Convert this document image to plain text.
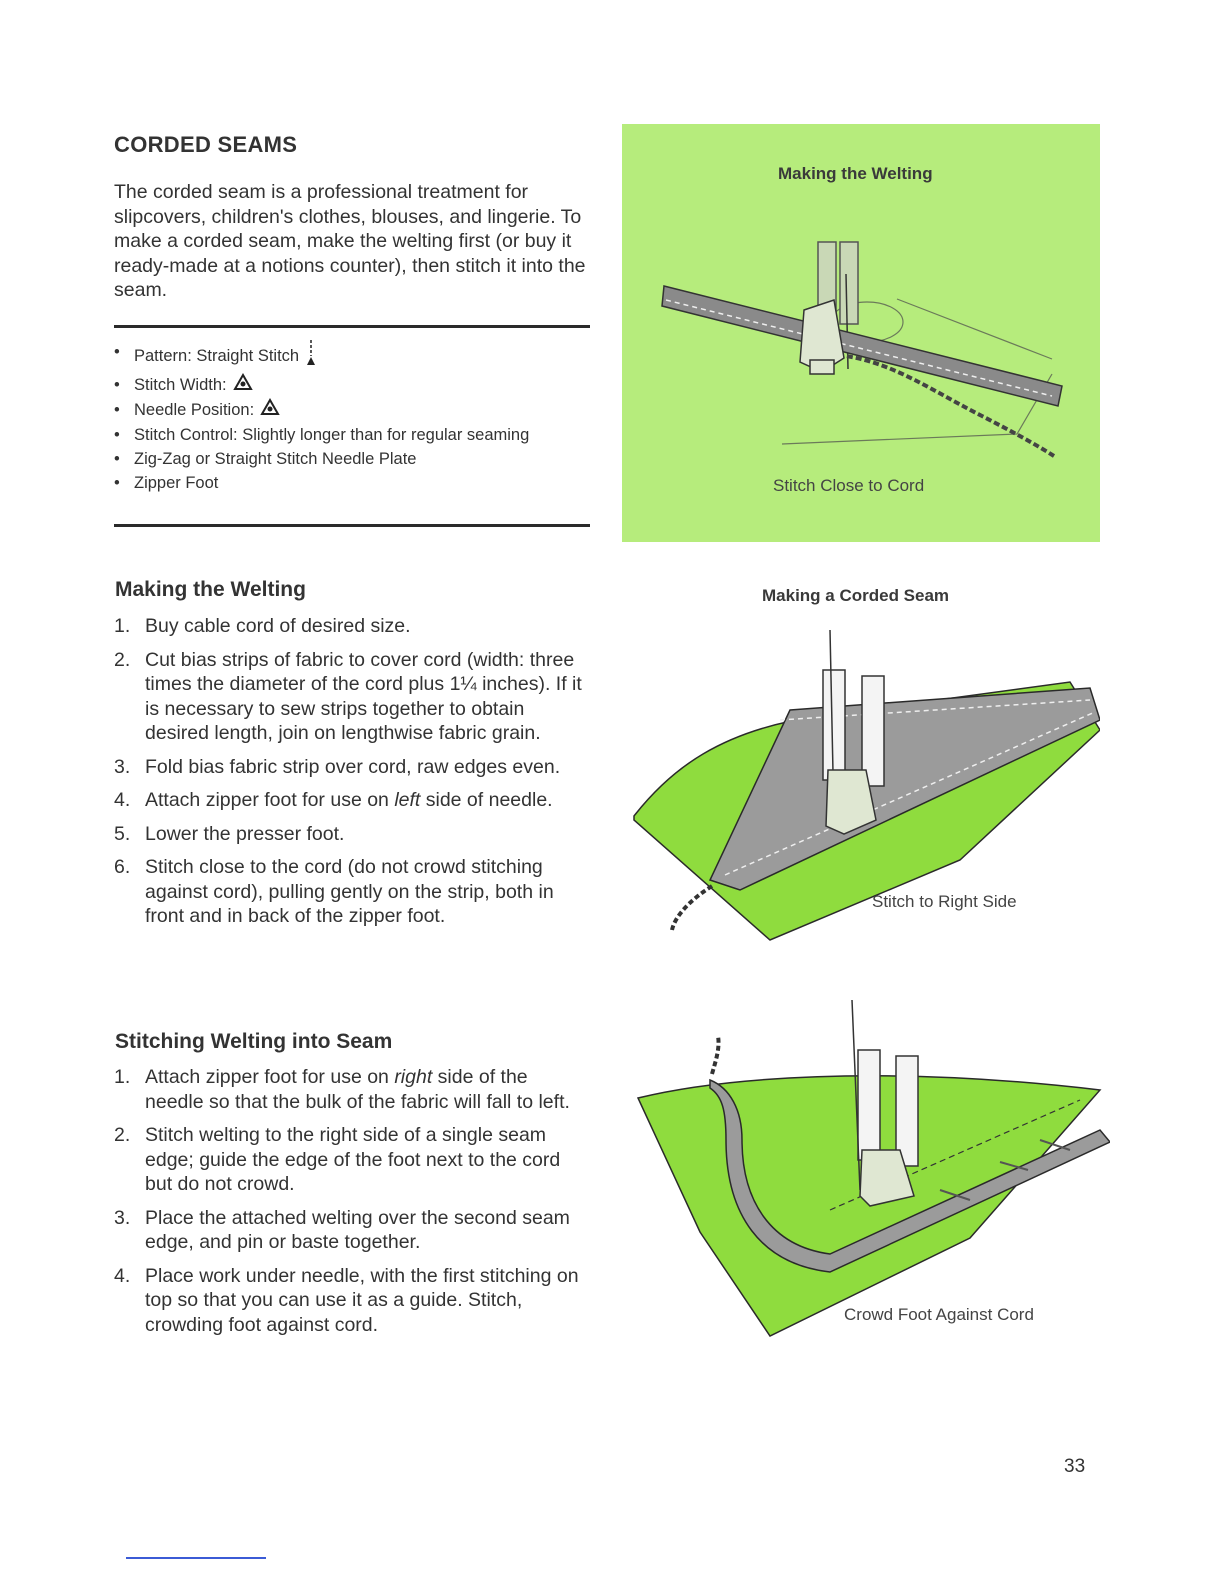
CORDED SEAMS

The corded seam is a professional treatment for slipcovers, children's clothes, blouses, and lingerie. To make a corded seam, make the welting first (or buy it ready-made at a notions counter), then stitch it into the seam.

• Pattern: Straight Stitch
• Stitch Width:
• Needle Position:
• Stitch Control: Slightly longer than for regular seaming
• Zig-Zag or Straight Stitch Needle Plate
• Zipper Foot
Making the Welting
1. Buy cable cord of desired size.
2. Cut bias strips of fabric to cover cord (width: three times the diameter of the cord plus 1¼ inches). If it is necessary to sew strips together to obtain desired length, join on lengthwise fabric grain.
3. Fold bias fabric strip over cord, raw edges even.
4. Attach zipper foot for use on left side of needle.
5. Lower the presser foot.
6. Stitch close to the cord (do not crowd stitching against cord), pulling gently on the strip, both in front and in back of the zipper foot.
Stitching Welting into Seam
1. Attach zipper foot for use on right side of the needle so that the bulk of the fabric will fall to left.
2. Stitch welting to the right side of a single seam edge; guide the edge of the foot next to the cord but do not crowd.
3. Place the attached welting over the second seam edge, and pin or baste together.
4. Place work under needle, with the first stitching on top so that you can use it as a guide. Stitch, crowding foot against cord.
Making the Welting
Stitch Close to Cord
Making a Corded Seam
Stitch to Right Side
Crowd Foot Against Cord
33
